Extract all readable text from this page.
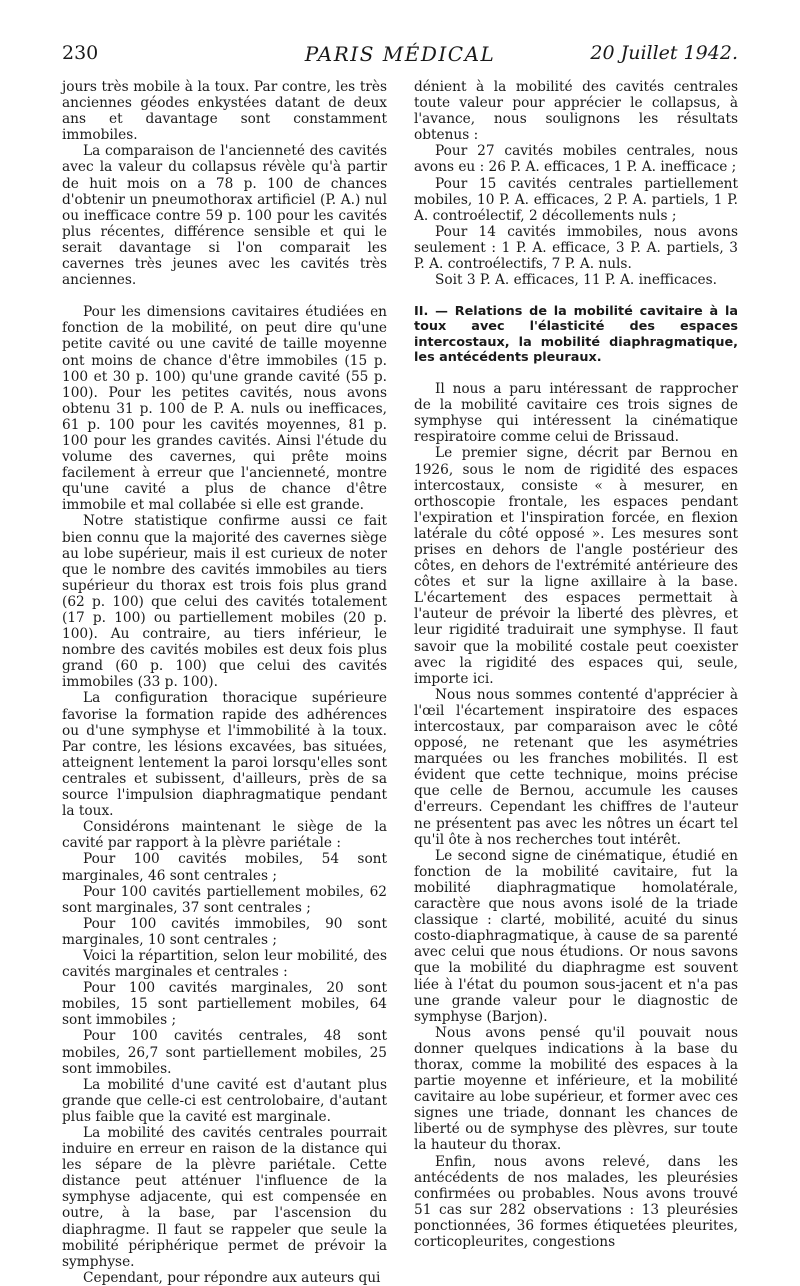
230	PARIS MÉDICAL	20 Juillet 1942.

jours très mobile à la toux. Par contre, les très anciennes géodes enkystées datant de deux ans et davantage sont constamment immobiles.

La comparaison de l'ancienneté des cavités avec la valeur du collapsus révèle qu'à partir de huit mois on a 78 p. 100 de chances d'obtenir un pneumothorax artificiel (P. A.) nul ou inefficace contre 59 p. 100 pour les cavités plus récentes, différence sensible et qui le serait davantage si l'on comparait les cavernes très jeunes avec les cavités très anciennes.

Pour les dimensions cavitaires étudiées en fonction de la mobilité, on peut dire qu'une petite cavité ou une cavité de taille moyenne ont moins de chance d'être immobiles (15 p. 100 et 30 p. 100) qu'une grande cavité (55 p. 100). Pour les petites cavités, nous avons obtenu 31 p. 100 de P. A. nuls ou inefficaces, 61 p. 100 pour les cavités moyennes, 81 p. 100 pour les grandes cavités. Ainsi l'étude du volume des cavernes, qui prête moins facilement à erreur que l'ancienneté, montre qu'une cavité a plus de chance d'être immobile et mal collabée si elle est grande.

Notre statistique confirme aussi ce fait bien connu que la majorité des cavernes siège au lobe supérieur, mais il est curieux de noter que le nombre des cavités immobiles au tiers supérieur du thorax est trois fois plus grand (62 p. 100) que celui des cavités totalement (17 p. 100) ou partiellement mobiles (20 p. 100). Au contraire, au tiers inférieur, le nombre des cavités mobiles est deux fois plus grand (60 p. 100) que celui des cavités immobiles (33 p. 100).

La configuration thoracique supérieure favorise la formation rapide des adhérences ou d'une symphyse et l'immobilité à la toux. Par contre, les lésions excavées, bas situées, atteignent lentement la paroi lorsqu'elles sont centrales et subissent, d'ailleurs, près de sa source l'impulsion diaphragmatique pendant la toux.

Considérons maintenant le siège de la cavité par rapport à la plèvre pariétale :

Pour 100 cavités mobiles, 54 sont marginales, 46 sont centrales ;

Pour 100 cavités partiellement mobiles, 62 sont marginales, 37 sont centrales ;

Pour 100 cavités immobiles, 90 sont marginales, 10 sont centrales ;

Voici la répartition, selon leur mobilité, des cavités marginales et centrales :

Pour 100 cavités marginales, 20 sont mobiles, 15 sont partiellement mobiles, 64 sont immobiles ;

Pour 100 cavités centrales, 48 sont mobiles, 26,7 sont partiellement mobiles, 25 sont immobiles.

La mobilité d'une cavité est d'autant plus grande que celle-ci est centrolobaire, d'autant plus faible que la cavité est marginale.

La mobilité des cavités centrales pourrait induire en erreur en raison de la distance qui les sépare de la plèvre pariétale. Cette distance peut atténuer l'influence de la symphyse adjacente, qui est compensée en outre, à la base, par l'ascension du diaphragme. Il faut se rappeler que seule la mobilité périphérique permet de prévoir la symphyse.

Cependant, pour répondre aux auteurs qui

dénient à la mobilité des cavités centrales toute valeur pour apprécier le collapsus, à l'avance, nous soulignons les résultats obtenus :

Pour 27 cavités mobiles centrales, nous avons eu : 26 P. A. efficaces, 1 P. A. inefficace ;

Pour 15 cavités centrales partiellement mobiles, 10 P. A. efficaces, 2 P. A. partiels, 1 P. A. controélectif, 2 décollements nuls ;

Pour 14 cavités immobiles, nous avons seulement : 1 P. A. efficace, 3 P. A. partiels, 3 P. A. controélectifs, 7 P. A. nuls.

Soit 3 P. A. efficaces, 11 P. A. inefficaces.

II. — Relations de la mobilité cavitaire à la toux avec l'élasticité des espaces intercostaux, la mobilité diaphragmatique, les antécédents pleuraux.

Il nous a paru intéressant de rapprocher de la mobilité cavitaire ces trois signes de symphyse qui intéressent la cinématique respiratoire comme celui de Brissaud.

Le premier signe, décrit par Bernou en 1926, sous le nom de rigidité des espaces intercostaux, consiste « à mesurer, en orthoscopie frontale, les espaces pendant l'expiration et l'inspiration forcée, en flexion latérale du côté opposé ». Les mesures sont prises en dehors de l'angle postérieur des côtes, en dehors de l'extrémité antérieure des côtes et sur la ligne axillaire à la base. L'écartement des espaces permettait à l'auteur de prévoir la liberté des plèvres, et leur rigidité traduirait une symphyse. Il faut savoir que la mobilité costale peut coexister avec la rigidité des espaces qui, seule, importe ici.

Nous nous sommes contenté d'apprécier à l'œil l'écartement inspiratoire des espaces intercostaux, par comparaison avec le côté opposé, ne retenant que les asymétries marquées ou les franches mobilités. Il est évident que cette technique, moins précise que celle de Bernou, accumule les causes d'erreurs. Cependant les chiffres de l'auteur ne présentent pas avec les nôtres un écart tel qu'il ôte à nos recherches tout intérêt.

Le second signe de cinématique, étudié en fonction de la mobilité cavitaire, fut la mobilité diaphragmatique homolatérale, caractère que nous avons isolé de la triade classique : clarté, mobilité, acuité du sinus costo-diaphragmatique, à cause de sa parenté avec celui que nous étudions. Or nous savons que la mobilité du diaphragme est souvent liée à l'état du poumon sous-jacent et n'a pas une grande valeur pour le diagnostic de symphyse (Barjon).

Nous avons pensé qu'il pouvait nous donner quelques indications à la base du thorax, comme la mobilité des espaces à la partie moyenne et inférieure, et la mobilité cavitaire au lobe supérieur, et former avec ces signes une triade, donnant les chances de liberté ou de symphyse des plèvres, sur toute la hauteur du thorax.

Enfin, nous avons relevé, dans les antécédents de nos malades, les pleurésies confirmées ou probables. Nous avons trouvé 51 cas sur 282 observations : 13 pleurésies ponctionnées, 36 formes étiquetées pleurites, corticopleurites, congestions
